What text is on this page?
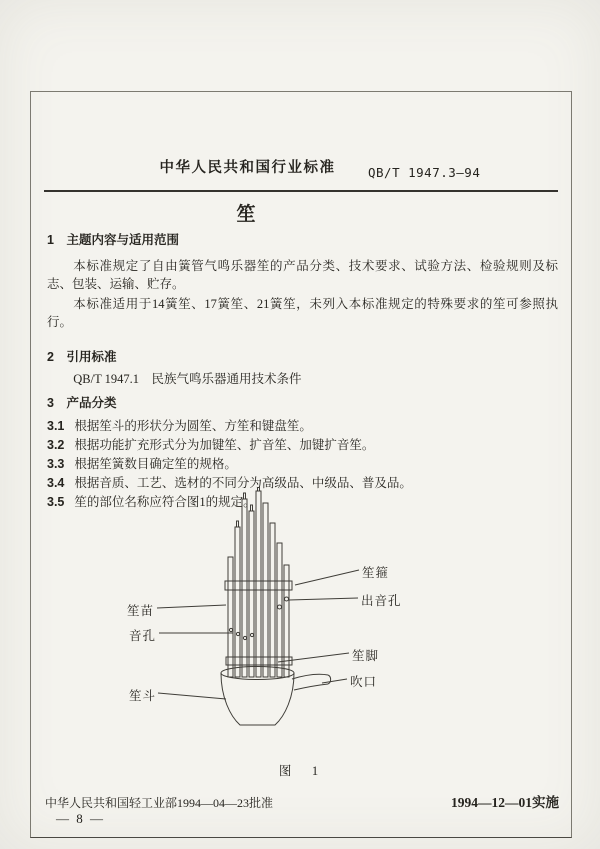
中华人民共和国行业标准	QB/T 1947.3—94
笙
1　主题内容与适用范围

本标准规定了自由簧管气鸣乐器笙的产品分类、技术要求、试验方法、检验规则及标志、包装、运输、贮存。

本标准适用于14簧笙、17簧笙、21簧笙，未列入本标准规定的特殊要求的笙可参照执行。

2　引用标准

QB/T 1947.1　民族气鸣乐器通用技术条件

3　产品分类
3.1 根据笙斗的形状分为圆笙、方笙和键盘笙。
3.2 根据功能扩充形式分为加键笙、扩音笙、加键扩音笙。
3.3 根据笙簧数目确定笙的规格。
3.4 根据音质、工艺、选材的不同分为高级品、中级品、普及品。
3.5 笙的部位名称应符合图1的规定。
笙箍
出音孔
笙苗
音孔
笙脚
吹口
笙斗
图　1
中华人民共和国轻工业部1994—04—23批准	1994—12—01实施
— 8 —
